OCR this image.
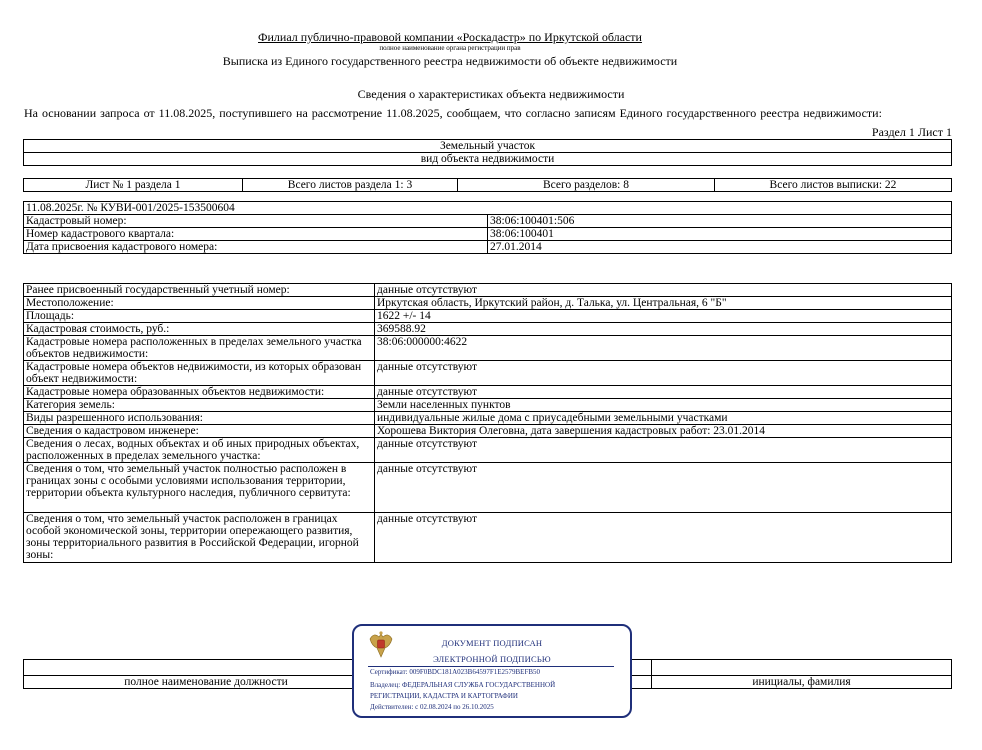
Филиал публично-правовой компании «Роскадастр» по Иркутской области
полное наименование органа регистрации прав
Выписка из Единого государственного реестра недвижимости об объекте недвижимости
Сведения о характеристиках объекта недвижимости
На основании запроса от 11.08.2025, поступившего на рассмотрение 11.08.2025, сообщаем, что согласно записям Единого государственного реестра недвижимости:
Раздел 1 Лист 1
Земельный участок
вид объекта недвижимости
Лист № 1 раздела 1	Всего листов раздела 1: 3	Всего разделов: 8	Всего листов выписки: 22
11.08.2025г. № КУВИ-001/2025-153500604	
Кадастровый номер:	38:06:100401:506
Номер кадастрового квартала:	38:06:100401
Дата присвоения кадастрового номера:	27.01.2014
Ранее присвоенный государственный учетный номер:	данные отсутствуют
Местоположение:	Иркутская область, Иркутский район, д. Талька, ул. Центральная, 6 "Б"
Площадь:	1622 +/- 14
Кадастровая стоимость, руб.:	369588.92
Кадастровые номера расположенных в пределах земельного участка объектов недвижимости:	38:06:000000:4622
Кадастровые номера объектов недвижимости, из которых образован объект недвижимости:	данные отсутствуют
Кадастровые номера образованных объектов недвижимости:	данные отсутствуют
Категория земель:	Земли населенных пунктов
Виды разрешенного использования:	индивидуальные жилые дома с приусадебными земельными участками
Сведения о кадастровом инженере:	Хорошева Виктория Олеговна, дата завершения кадастровых работ: 23.01.2014
Сведения о лесах, водных объектах и об иных природных объектах, расположенных в пределах земельного участка:	данные отсутствуют
Сведения о том, что земельный участок полностью расположен в границах зоны с особыми условиями использования территории, территории объекта культурного наследия, публичного сервитута:	данные отсутствуют
Сведения о том, что земельный участок расположен в границах особой экономической зоны, территории опережающего развития, зоны территориального развития в Российской Федерации, игорной зоны:	данные отсутствуют

полное наименование должности		инициалы, фамилия
ДОКУМЕНТ ПОДПИСАН
ЭЛЕКТРОННОЙ ПОДПИСЬЮ
Сертификат: 009F0BDC181A023B64597F1E2579BEFB50
Владелец: ФЕДЕРАЛЬНАЯ СЛУЖБА ГОСУДАРСТВЕННОЙ
РЕГИСТРАЦИИ, КАДАСТРА И КАРТОГРАФИИ
Действителен: с 02.08.2024 по 26.10.2025
